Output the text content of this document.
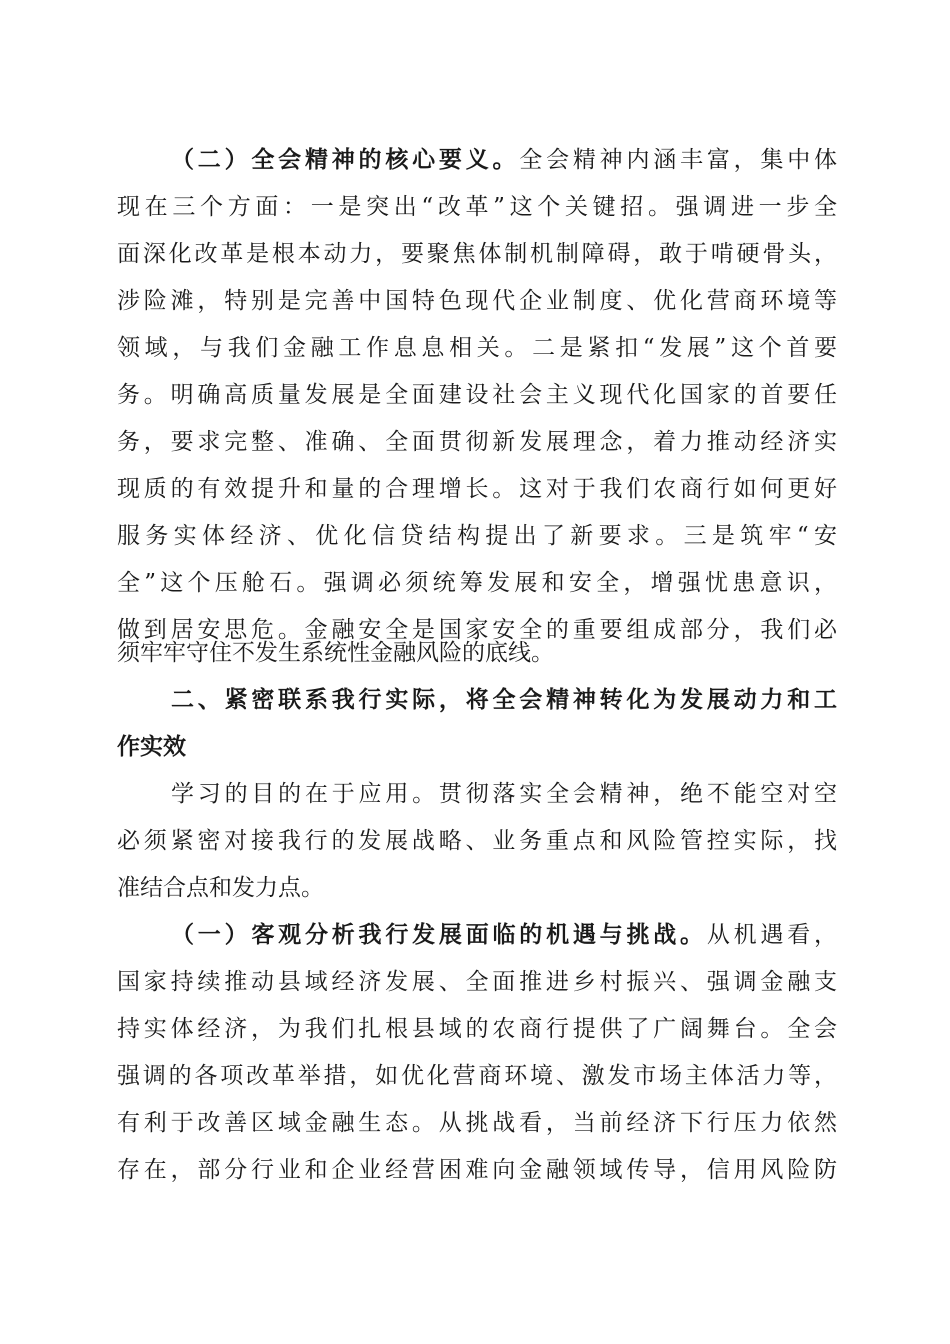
（二）全会精神的核心要义。全会精神内涵丰富，集中体
现在三个方面：一是突出“改革”这个关键招。强调进一步全
面深化改革是根本动力，要聚焦体制机制障碍，敢于啃硬骨头，
涉险滩，特别是完善中国特色现代企业制度、优化营商环境等
领域，与我们金融工作息息相关。二是紧扣“发展”这个首要
务。明确高质量发展是全面建设社会主义现代化国家的首要任
务，要求完整、准确、全面贯彻新发展理念，着力推动经济实
现质的有效提升和量的合理增长。这对于我们农商行如何更好
服务实体经济、优化信贷结构提出了新要求。三是筑牢“安
全”这个压舱石。强调必须统筹发展和安全，增强忧患意识，
做到居安思危。金融安全是国家安全的重要组成部分，我们必
须牢牢守住不发生系统性金融风险的底线。
二、紧密联系我行实际，将全会精神转化为发展动力和工
作实效
学习的目的在于应用。贯彻落实全会精神，绝不能空对空
必须紧密对接我行的发展战略、业务重点和风险管控实际，找
准结合点和发力点。
（一）客观分析我行发展面临的机遇与挑战。从机遇看，
国家持续推动县域经济发展、全面推进乡村振兴、强调金融支
持实体经济，为我们扎根县域的农商行提供了广阔舞台。全会
强调的各项改革举措，如优化营商环境、激发市场主体活力等，
有利于改善区域金融生态。从挑战看，当前经济下行压力依然
存在，部分行业和企业经营困难向金融领域传导，信用风险防
